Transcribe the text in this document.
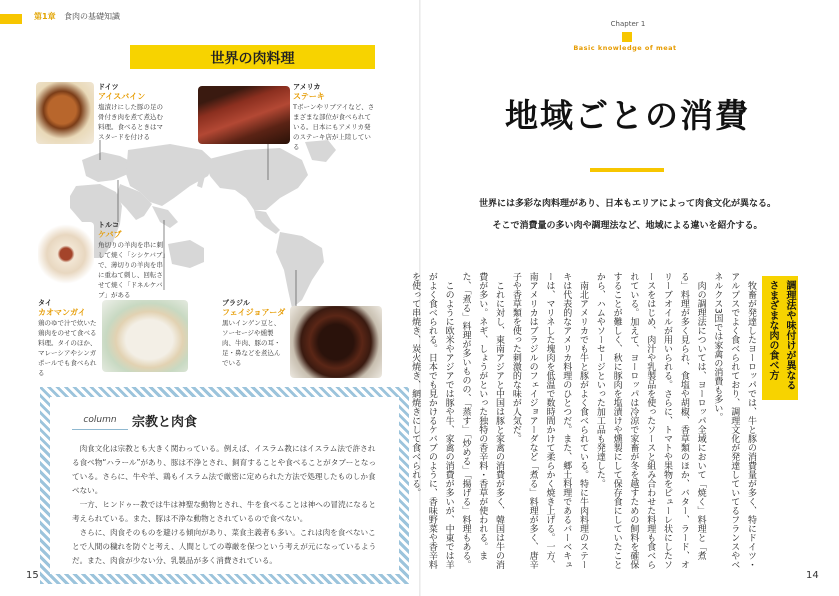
第1章 食肉の基礎知識
世界の肉料理
ドイツ
アイスバイン
塩漬けにした豚の足の骨付き肉を煮て煮込む料理。食べるときはマスタードを付ける
アメリカ
ステーキ
Tボーンやリブアイなど、さまざまな部位が食べられている。日本にもアメリカ発のステーキ店が上陸している
トルコ
ケバブ
角切りの羊肉を串に刺して焼く「シシケバブ」で、薄切りの羊肉を串に重ねて刺し、回転させて焼く「ドネルケバブ」がある
タイ
カオマンガイ
鶏のゆで汁で炊いた鶏肉をのせて食べる料理。タイのほか、マレーシアやシンガポールでも食べられる
ブラジル
フェイジョアーダ
黒いインゲン豆と、ソーセージや燻製肉、牛肉、豚の耳・足・鼻などを煮込んでいる
column	宗教と肉食

肉食文化は宗教とも大きく関わっている。例えば、イスラム教にはイスラム法で許される食べ物“ハラール”があり、豚は不浄とされ、飼育することや食べることがタブーとなっている。さらに、牛や羊、鶏もイスラム法で厳密に定められた方法で処理したものしか食べない。

一方、ヒンドゥー教では牛は神聖な動物とされ、牛を食べることは神への冒涜になると考えられている。また、豚は不浄な動物とされているので食べない。

さらに、肉食そのものを避ける傾向があり、菜食主義者も多い。これは肉を食べないことで人間の穢れを防ぐと考え、人間としての尊厳を保つという考えが元になっているようだ。また、肉食が少ない分、乳製品が多く消費されている。

15
Chapter 1
Basic knowledge of meat
地域ごとの消費
世界には多彩な肉料理があり、日本もエリアによって肉食文化が異なる。
そこで消費量の多い肉や調理法など、地域による違いを紹介する。
調理法や味付けが異なるさまざまな肉の食べ方

牧畜が発達したヨーロッパでは、牛と豚の消費量が多く、特にドイツ・アルプスでよく食べられており、調理文化が発達していてるフランスやベネルクス3国では家禽の消費も多い。

肉の調理法については、ヨーロッパ全域において「焼く」料理と「煮る」料理が多く見られ、食塩や胡椒、香草類のほか、バター、ラード、オリーブオイルが用いられる。さらに、トマトや果物をピューレ状にしたソースをはじめ、肉汁や乳製品を使ったソースと組み合わせた料理も食べられている。加えて、ヨーロッパは冷涼で家畜が冬を越すための飼料を確保することが難しく、秋に豚肉を塩漬けや燻製にして保存食にしていたことから、ハムやソーセージといった加工品も発達した。

南北アメリカでも牛と豚がよく食べられている。特に牛肉料理のステーキは代表的なアメリカ料理のひとつだ。また、郷土料理であるバーベキューは、マリネした塊肉を低温で数時間かけて柔らかく焼き上げる。一方、南アメリカはブラジルのフェイジョアーダなど「煮る」料理が多く、唐辛子や香草類を使った刺激的な味が人気だ。

これに対し、東南アジアと中国は豚と家禽の消費が多く、韓国は牛の消費が多い。ネギ、しょうがといった独特の香辛料・香草が使われる。また、「煮る」料理が多いものの、「蒸す」「炒める」「揚げる」料理もある。

このように欧米やアジアでは豚や牛、家禽の消費が多いが、中東では羊がよく食べられる。日本でも見かけるケバブのように、香味野菜や香辛料を使って串焼き、炭火焼き、網焼きにして食べられる。

14
